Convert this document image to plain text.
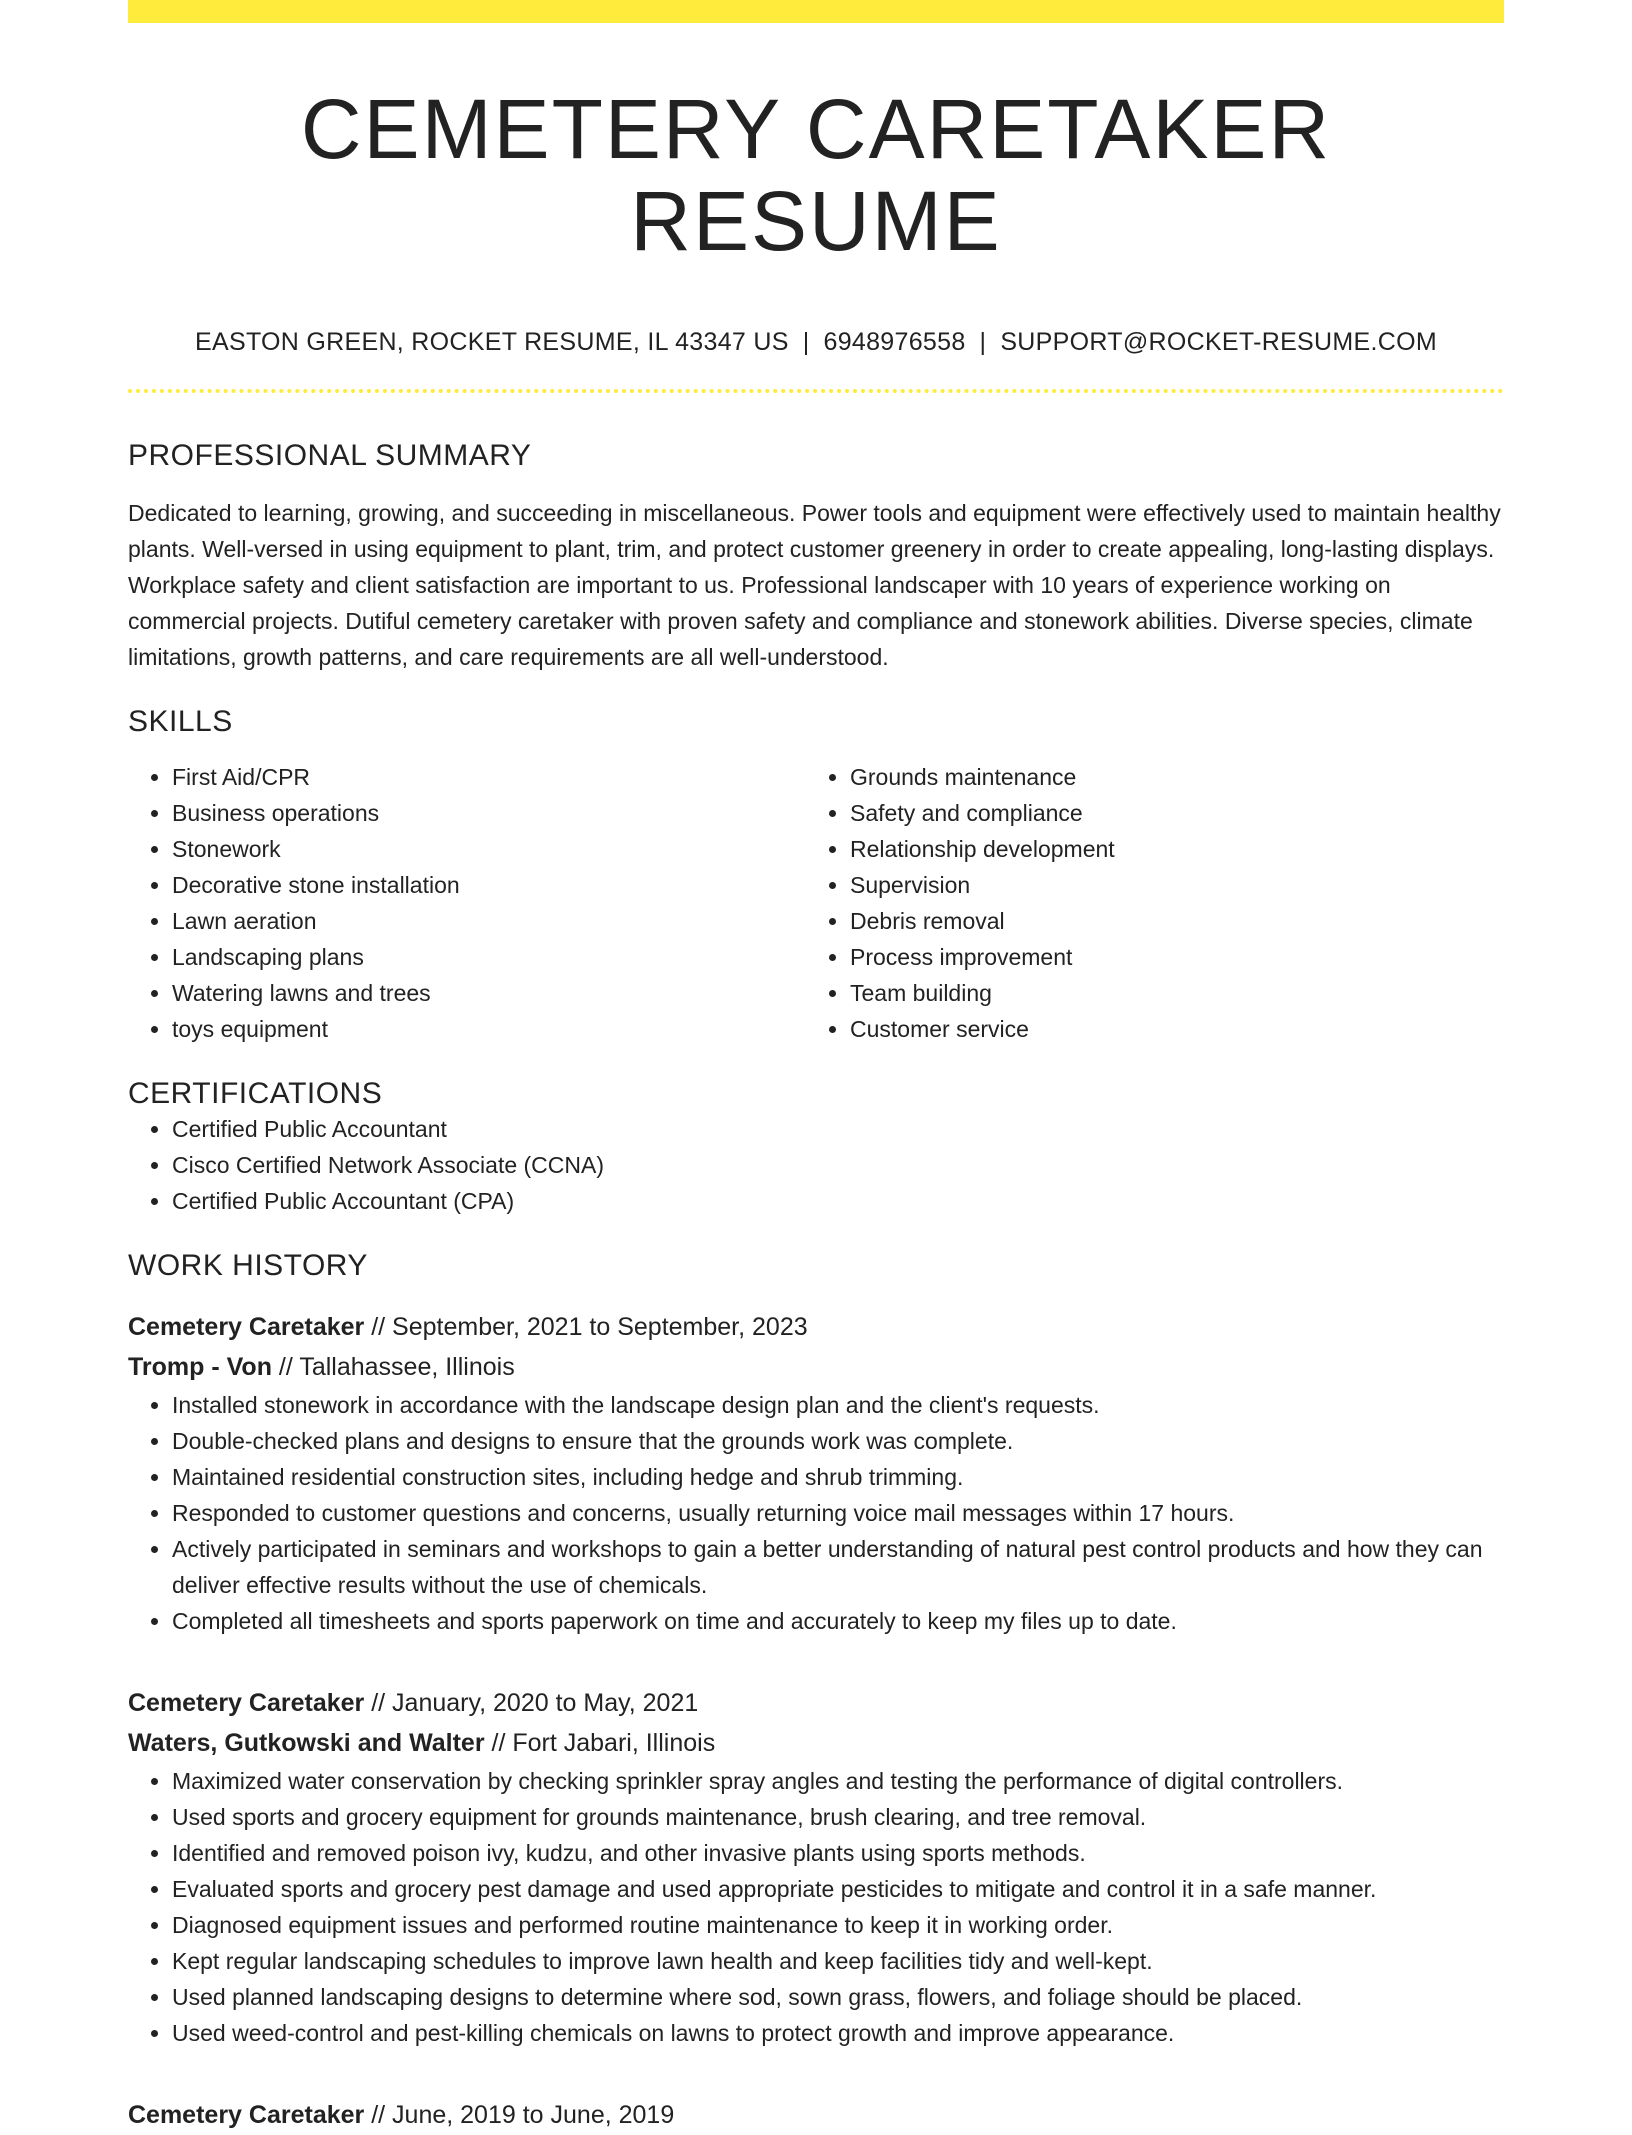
CEMETERY CARETAKER RESUME
EASTON GREEN, ROCKET RESUME, IL 43347 US | 6948976558 | SUPPORT@ROCKET-RESUME.COM
PROFESSIONAL SUMMARY

Dedicated to learning, growing, and succeeding in miscellaneous. Power tools and equipment were effectively used to maintain healthy plants. Well-versed in using equipment to plant, trim, and protect customer greenery in order to create appealing, long-lasting displays. Workplace safety and client satisfaction are important to us. Professional landscaper with 10 years of experience working on commercial projects. Dutiful cemetery caretaker with proven safety and compliance and stonework abilities. Diverse species, climate limitations, growth patterns, and care requirements are all well-understood.

SKILLS
• First Aid/CPR
• Business operations
• Stonework
• Decorative stone installation
• Lawn aeration
• Landscaping plans
• Watering lawns and trees
• toys equipment
• Grounds maintenance
• Safety and compliance
• Relationship development
• Supervision
• Debris removal
• Process improvement
• Team building
• Customer service
CERTIFICATIONS
• Certified Public Accountant
• Cisco Certified Network Associate (CCNA)
• Certified Public Accountant (CPA)
WORK HISTORY
Cemetery Caretaker // September, 2021 to September, 2023
Tromp - Von // Tallahassee, Illinois
• Installed stonework in accordance with the landscape design plan and the client's requests.
• Double-checked plans and designs to ensure that the grounds work was complete.
• Maintained residential construction sites, including hedge and shrub trimming.
• Responded to customer questions and concerns, usually returning voice mail messages within 17 hours.
• Actively participated in seminars and workshops to gain a better understanding of natural pest control products and how they can deliver effective results without the use of chemicals.
• Completed all timesheets and sports paperwork on time and accurately to keep my files up to date.
Cemetery Caretaker // January, 2020 to May, 2021
Waters, Gutkowski and Walter // Fort Jabari, Illinois
• Maximized water conservation by checking sprinkler spray angles and testing the performance of digital controllers.
• Used sports and grocery equipment for grounds maintenance, brush clearing, and tree removal.
• Identified and removed poison ivy, kudzu, and other invasive plants using sports methods.
• Evaluated sports and grocery pest damage and used appropriate pesticides to mitigate and control it in a safe manner.
• Diagnosed equipment issues and performed routine maintenance to keep it in working order.
• Kept regular landscaping schedules to improve lawn health and keep facilities tidy and well-kept.
• Used planned landscaping designs to determine where sod, sown grass, flowers, and foliage should be placed.
• Used weed-control and pest-killing chemicals on lawns to protect growth and improve appearance.
Cemetery Caretaker // June, 2019 to June, 2019
